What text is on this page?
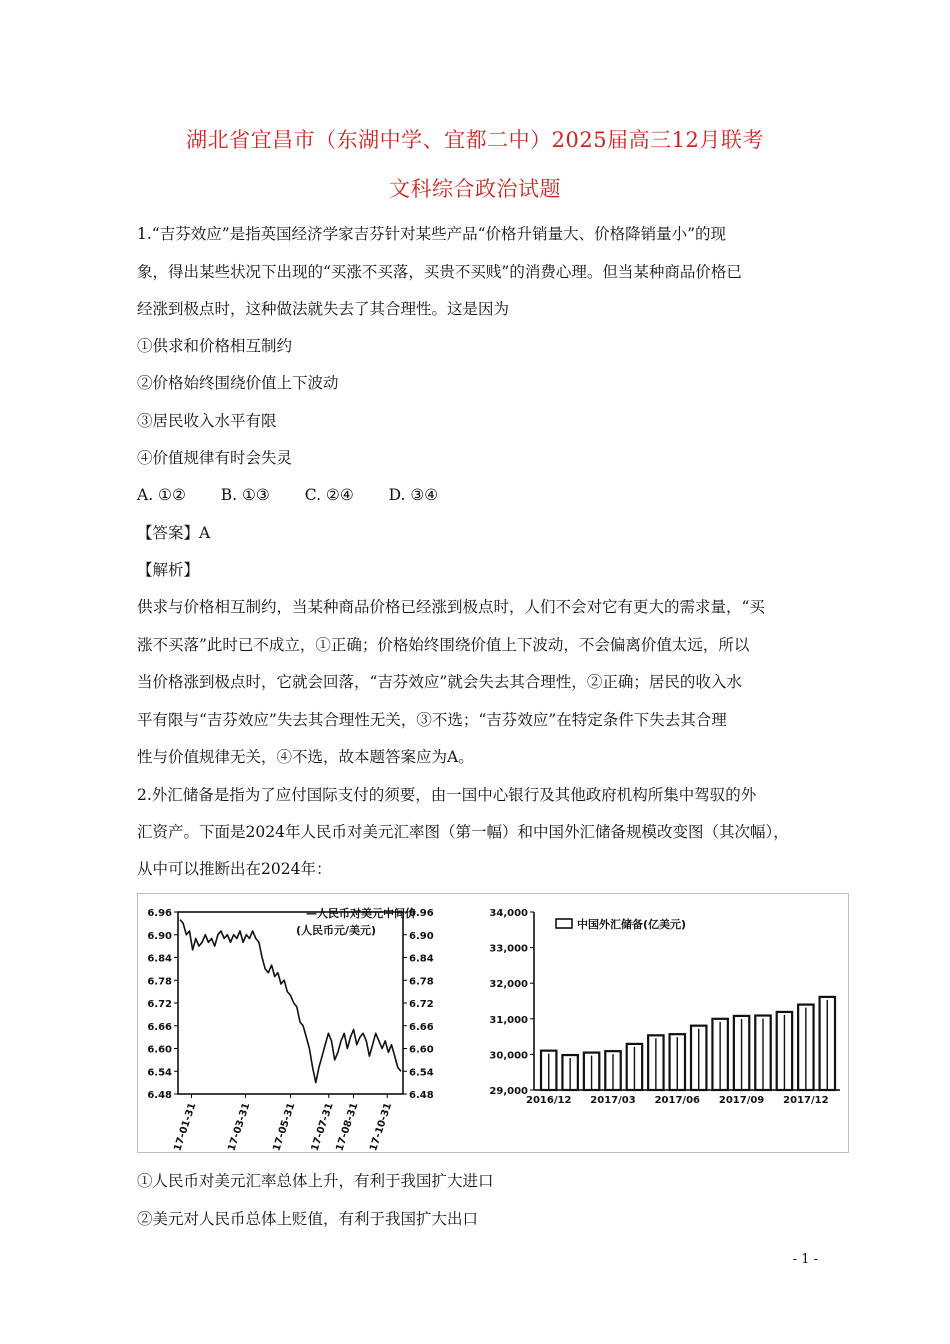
湖北省宜昌市（东湖中学、宜都二中）2025届高三12月联考
文科综合政治试题
1.“吉芬效应”是指英国经济学家吉芬针对某些产品“价格升销量大、价格降销量小”的现
象，得出某些状况下出现的“买涨不买落，买贵不买贱”的消费心理。但当某种商品价格已
经涨到极点时，这种做法就失去了其合理性。这是因为
①供求和价格相互制约
②价格始终围绕价值上下波动
③居民收入水平有限
④价值规律有时会失灵
A. ①② B. ①③ C. ②④ D. ③④
【答案】A
【解析】
供求与价格相互制约，当某种商品价格已经涨到极点时，人们不会对它有更大的需求量，“买
涨不买落”此时已不成立，①正确；价格始终围绕价值上下波动，不会偏离价值太远，所以
当价格涨到极点时，它就会回落，“吉芬效应”就会失去其合理性，②正确；居民的收入水
平有限与“吉芬效应”失去其合理性无关，③不选；“吉芬效应”在特定条件下失去其合理
性与价值规律无关，④不选，故本题答案应为A。
2.外汇储备是指为了应付国际支付的须要，由一国中心银行及其他政府机构所集中驾驭的外
汇资产。下面是2024年人民币对美元汇率图（第一幅）和中国外汇储备规模改变图（其次幅），
从中可以推断出在2024年：
6.96	6.96
6.90	6.90
6.84	6.84
6.78	6.78
6.72	6.72
6.66	6.66
6.60	6.60
6.54	6.54
6.48	6.48
—人民币对美元中间价
(人民币元/美元)
17-01-31	17-03-31 17-05-31 17-07-31
17-08-31 17-10-31
34,000
33,000
32,000
31,000
30,000
29,000
中国外汇储备(亿美元)
2016/12 2017/03 2017/06 2017/09 2017/12
①人民币对美元汇率总体上升，有利于我国扩大进口
②美元对人民币总体上贬值，有利于我国扩大出口
- 1 -
